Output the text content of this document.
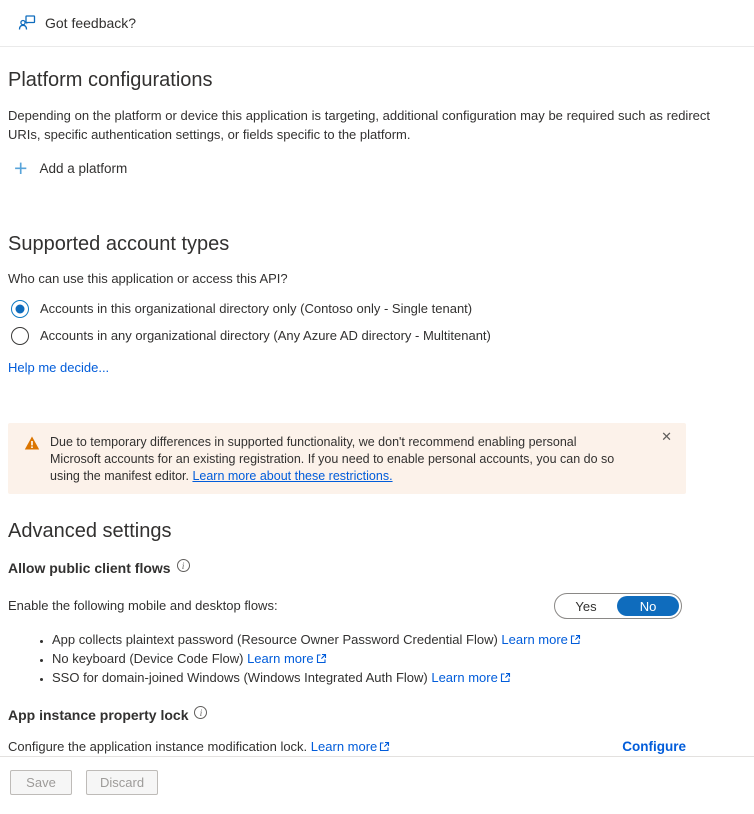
Got feedback?
Platform configurations

Depending on the platform or device this application is targeting, additional configuration may be required such as redirect URIs, specific authentication settings, or fields specific to the platform.

+ Add a platform
Supported account types

Who can use this application or access this API?

Accounts in this organizational directory only (Contoso only - Single tenant)
Accounts in any organizational directory (Any Azure AD directory - Multitenant)
Help me decide...
Due to temporary differences in supported functionality, we don't recommend enabling personal Microsoft accounts for an existing registration. If you need to enable personal accounts, you can do so using the manifest editor. Learn more about these restrictions.
✕
Advanced settings
Allow public client flows	i
Enable the following mobile and desktop flows:	Yes	No
• App collects plaintext password (Resource Owner Password Credential Flow) Learn more
• No keyboard (Device Code Flow) Learn more
• SSO for domain-joined Windows (Windows Integrated Auth Flow) Learn more
App instance property lock	i
Configure the application instance modification lock. Learn more	Configure
Save	Discard
